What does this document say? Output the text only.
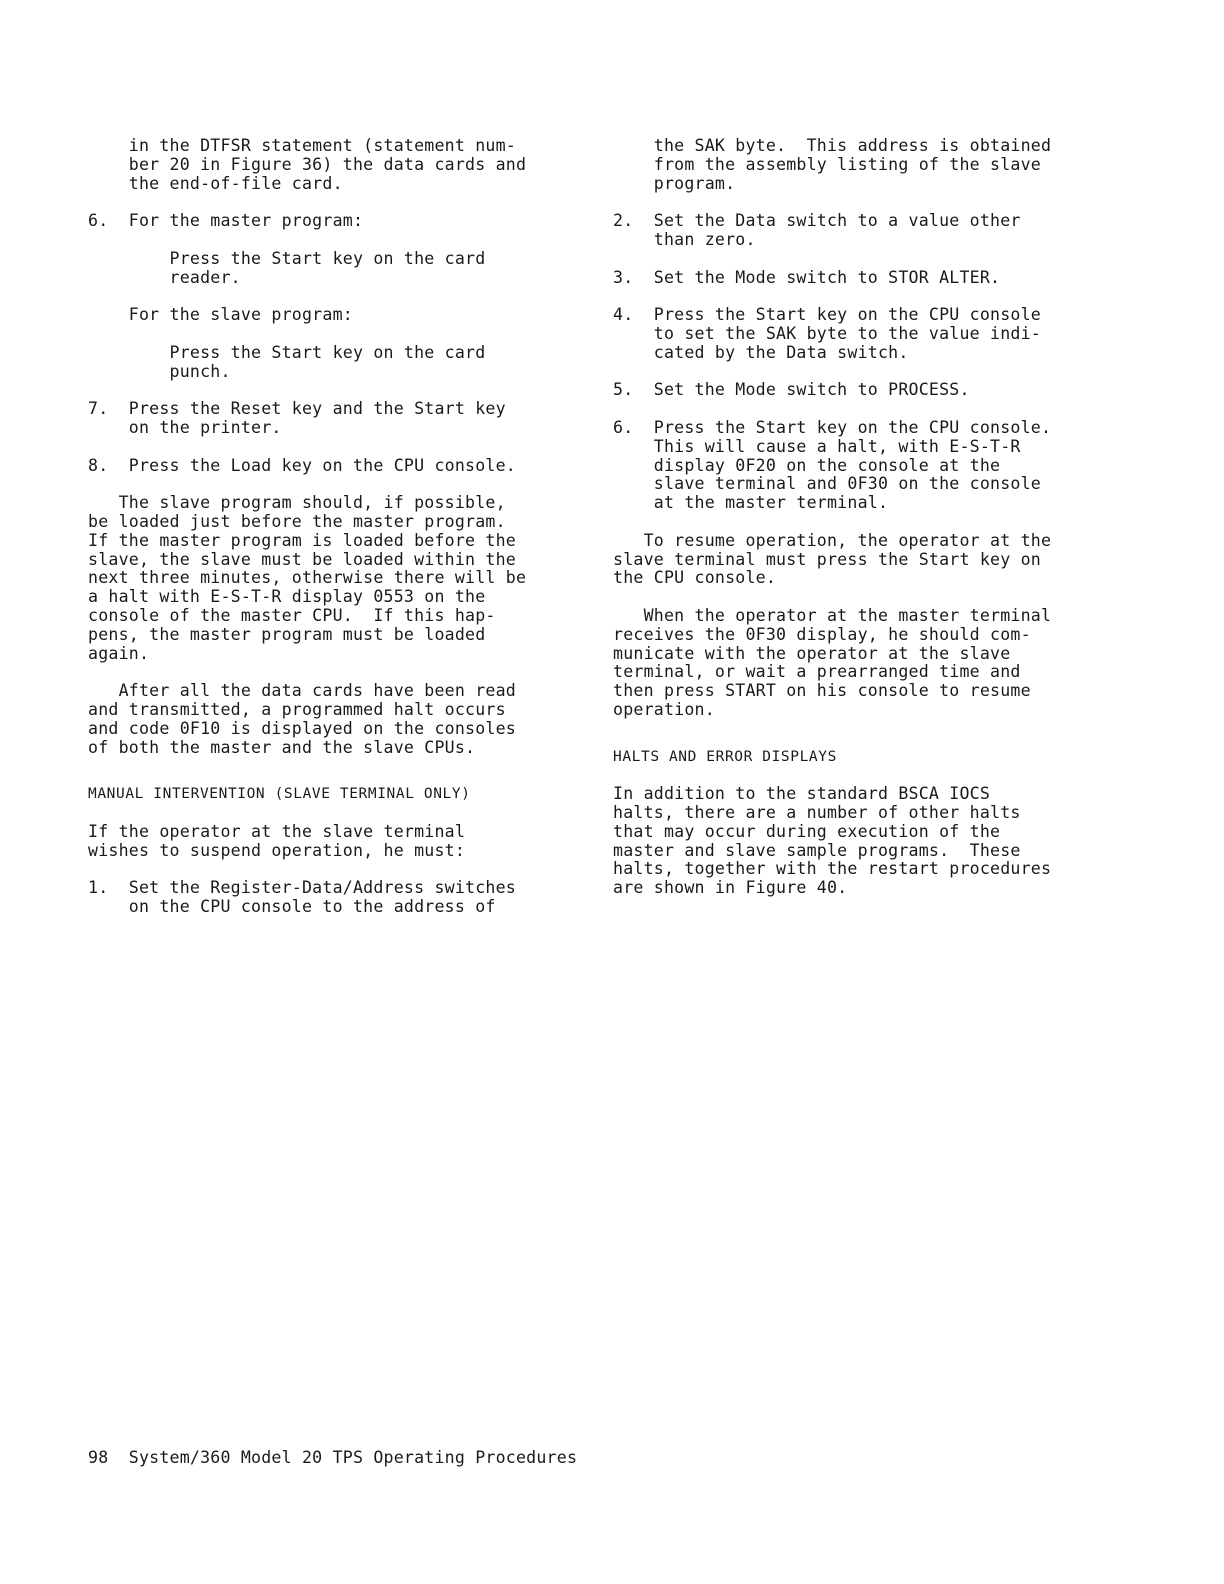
in the DTFSR statement (statement num-
ber 20 in Figure 36) the data cards and
the end-of-file card.
6.  For the master program:
Press the Start key on the card
reader.
For the slave program:
Press the Start key on the card
punch.
7.  Press the Reset key and the Start key
on the printer.
8.  Press the Load key on the CPU console.
The slave program should, if possible,
be loaded just before the master program.
If the master program is loaded before the
slave, the slave must be loaded within the
next three minutes, otherwise there will be
a halt with E-S-T-R display 0553 on the
console of the master CPU.  If this hap-
pens, the master program must be loaded
again.
After all the data cards have been read
and transmitted, a programmed halt occurs
and code 0F10 is displayed on the consoles
of both the master and the slave CPUs.
MANUAL INTERVENTION (SLAVE TERMINAL ONLY)
If the operator at the slave terminal
wishes to suspend operation, he must:
1.  Set the Register-Data/Address switches
on the CPU console to the address of
the SAK byte.  This address is obtained
from the assembly listing of the slave
program.
2.  Set the Data switch to a value other
than zero.
3.  Set the Mode switch to STOR ALTER.
4.  Press the Start key on the CPU console
to set the SAK byte to the value indi-
cated by the Data switch.
5.  Set the Mode switch to PROCESS.
6.  Press the Start key on the CPU console.
This will cause a halt, with E-S-T-R
display 0F20 on the console at the
slave terminal and 0F30 on the console
at the master terminal.
To resume operation, the operator at the
slave terminal must press the Start key on
the CPU console.
When the operator at the master terminal
receives the 0F30 display, he should com-
municate with the operator at the slave
terminal, or wait a prearranged time and
then press START on his console to resume
operation.
HALTS AND ERROR DISPLAYS
In addition to the standard BSCA IOCS
halts, there are a number of other halts
that may occur during execution of the
master and slave sample programs.  These
halts, together with the restart procedures
are shown in Figure 40.
98  System/360 Model 20 TPS Operating Procedures
